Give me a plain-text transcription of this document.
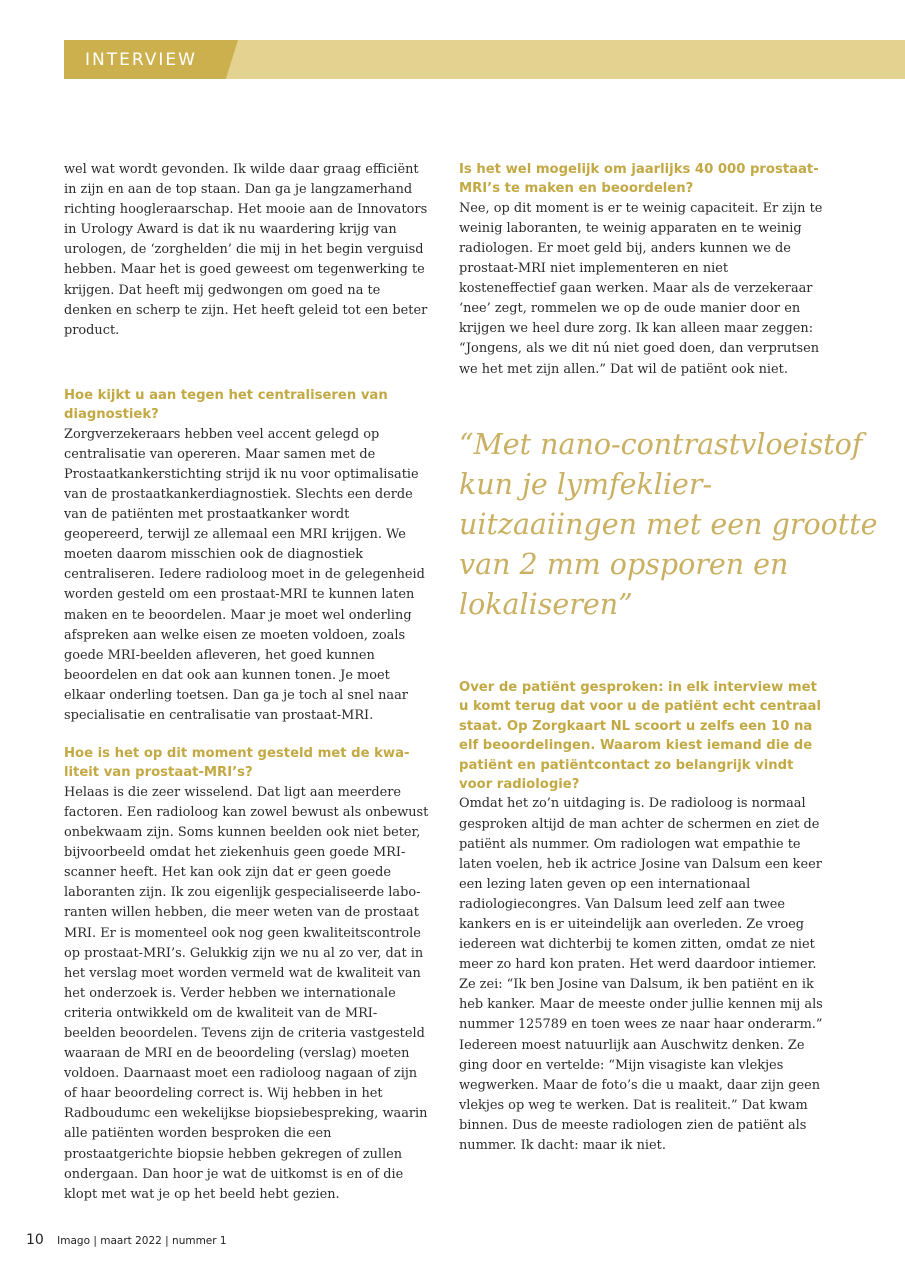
INTERVIEW

wel wat wordt gevonden. Ik wilde daar graag efficiënt in zijn en aan de top staan. Dan ga je langzamerhand richting hoogleraarschap. Het mooie aan de Innovators in Urology Award is dat ik nu waardering krijg van urologen, de ‘zorghelden’ die mij in het begin verguisd hebben. Maar het is goed geweest om tegenwerking te krijgen. Dat heeft mij gedwongen om goed na te denken en scherp te zijn. Het heeft geleid tot een beter product.

Hoe kijkt u aan tegen het centraliseren van diagnostiek?

Zorgverzekeraars hebben veel accent gelegd op centralisatie van opereren. Maar samen met de Prostaatkankerstichting strijd ik nu voor optimalisatie van de prostaatkankerdiagnostiek. Slechts een derde van de patiënten met prostaatkanker wordt geopereerd, terwijl ze allemaal een MRI krijgen. We moeten daarom misschien ook de diagnostiek centraliseren. Iedere radioloog moet in de gelegenheid worden gesteld om een prostaat-MRI te kunnen laten maken en te beoordelen. Maar je moet wel onderling afspreken aan welke eisen ze moeten voldoen, zoals goede MRI-beelden afleveren, het goed kunnen beoordelen en dat ook aan kunnen tonen. Je moet elkaar onderling toetsen. Dan ga je toch al snel naar specialisatie en centralisatie van prostaat-MRI.

Hoe is het op dit moment gesteld met de kwaliteit van prostaat-MRI’s?

Helaas is die zeer wisselend. Dat ligt aan meerdere factoren. Een radioloog kan zowel bewust als onbewust onbekwaam zijn. Soms kunnen beelden ook niet beter, bijvoorbeeld omdat het ziekenhuis geen goede MRI-scanner heeft. Het kan ook zijn dat er geen goede laboranten zijn. Ik zou eigenlijk gespecialiseerde laboranten willen hebben, die meer weten van de prostaat MRI. Er is momenteel ook nog geen kwaliteitscontrole op prostaat-MRI’s. Gelukkig zijn we nu al zo ver, dat in het verslag moet worden vermeld wat de kwaliteit van het onderzoek is. Verder hebben we internationale criteria ontwikkeld om de kwaliteit van de MRI-beelden beoordelen. Tevens zijn de criteria vastgesteld waaraan de MRI en de beoordeling (verslag) moeten voldoen. Daarnaast moet een radioloog nagaan of zijn of haar beoordeling correct is. Wij hebben in het Radboudumc een wekelijkse biopsiebespreking, waarin alle patiënten worden besproken die een prostaatgerichte biopsie hebben gekregen of zullen ondergaan. Dan hoor je wat de uitkomst is en of die klopt met wat je op het beeld hebt gezien.

Is het wel mogelijk om jaarlijks 40 000 prostaat-MRI’s te maken en beoordelen?

Nee, op dit moment is er te weinig capaciteit. Er zijn te weinig laboranten, te weinig apparaten en te weinig radiologen. Er moet geld bij, anders kunnen we de prostaat-MRI niet implementeren en niet kosteneffectief gaan werken. Maar als de verzekeraar ‘nee’ zegt, rommelen we op de oude manier door en krijgen we heel dure zorg. Ik kan alleen maar zeggen: “Jongens, als we dit nú niet goed doen, dan verprutsen we het met zijn allen.” Dat wil de patiënt ook niet.

“Met nano-contrastvloeistof kun je lymfeklieruitzaaiingen met een grootte van 2 mm opsporen en lokaliseren”

Over de patiënt gesproken: in elk interview met u komt terug dat voor u de patiënt echt centraal staat. Op Zorgkaart NL scoort u zelfs een 10 na elf beoordelingen. Waarom kiest iemand die de patiënt en patiëntcontact zo belangrijk vindt voor radiologie?

Omdat het zo’n uitdaging is. De radioloog is normaal gesproken altijd de man achter de schermen en ziet de patiënt als nummer. Om radiologen wat empathie te laten voelen, heb ik actrice Josine van Dalsum een keer een lezing laten geven op een internationaal radiologiecongres. Van Dalsum leed zelf aan twee kankers en is er uiteindelijk aan overleden. Ze vroeg iedereen wat dichterbij te komen zitten, omdat ze niet meer zo hard kon praten. Het werd daardoor intiemer. Ze zei: “Ik ben Josine van Dalsum, ik ben patiënt en ik heb kanker. Maar de meeste onder jullie kennen mij als nummer 125789 en toen wees ze naar haar onderarm.” Iedereen moest natuurlijk aan Auschwitz denken. Ze ging door en vertelde: “Mijn visagiste kan vlekjes wegwerken. Maar de foto’s die u maakt, daar zijn geen vlekjes op weg te werken. Dat is realiteit.” Dat kwam binnen. Dus de meeste radiologen zien de patiënt als nummer. Ik dacht: maar ik niet.

10 Imago | maart 2022 | nummer 1
